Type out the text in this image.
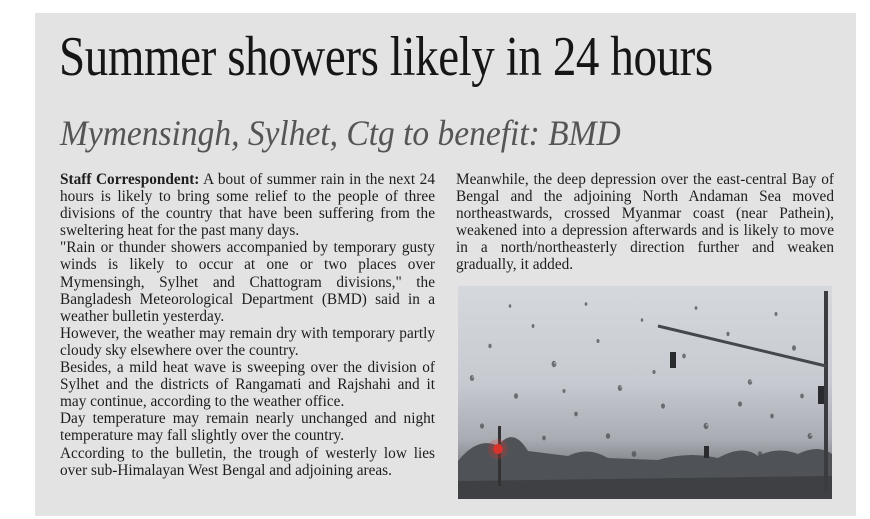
Summer showers likely in 24 hours
Mymensingh, Sylhet, Ctg to benefit: BMD

Staff Correspondent: A bout of summer rain in the next 24 hours is likely to bring some relief to the people of three divisions of the country that have been suffering from the sweltering heat for the past many days.

"Rain or thunder showers accompanied by temporary gusty winds is likely to occur at one or two places over Mymensingh, Sylhet and Chattogram divisions," the Bangladesh Meteorological Department (BMD) said in a weather bulletin yesterday.

However, the weather may remain dry with temporary partly cloudy sky elsewhere over the country.

Besides, a mild heat wave is sweeping over the division of Sylhet and the districts of Rangamati and Rajshahi and it may continue, according to the weather office.

Day temperature may remain nearly unchanged and night temperature may fall slightly over the country.

According to the bulletin, the trough of westerly low lies over sub-Himalayan West Bengal and adjoining areas.

Meanwhile, the deep depression over the east-central Bay of Bengal and the adjoining North Andaman Sea moved northeastwards, crossed Myanmar coast (near Pathein), weakened into a depression afterwards and is likely to move in a north/northeasterly direction further and weaken gradually, it added.
